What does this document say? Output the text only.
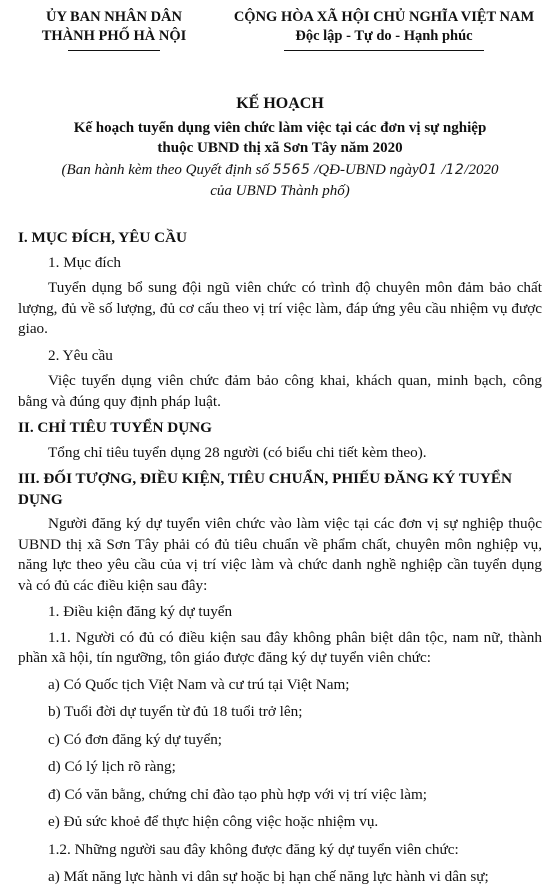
ỦY BAN NHÂN DÂN
THÀNH PHỐ HÀ NỘI
CỘNG HÒA XÃ HỘI CHỦ NGHĨA VIỆT NAM
Độc lập - Tự do - Hạnh phúc
KẾ HOẠCH
Kế hoạch tuyển dụng viên chức làm việc tại các đơn vị sự nghiệp
thuộc UBND thị xã Sơn Tây năm 2020
(Ban hành kèm theo Quyết định số 5565 /QĐ-UBND ngày01 /12/2020
của UBND Thành phố)
I. MỤC ĐÍCH, YÊU CẦU
1. Mục đích
Tuyển dụng bổ sung đội ngũ viên chức có trình độ chuyên môn đảm bảo chất lượng, đủ về số lượng, đủ cơ cấu theo vị trí việc làm, đáp ứng yêu cầu nhiệm vụ được giao.
2. Yêu cầu
Việc tuyển dụng viên chức đảm bảo công khai, khách quan, minh bạch, công bằng và đúng quy định pháp luật.
II. CHỈ TIÊU TUYỂN DỤNG
Tổng chỉ tiêu tuyển dụng 28 người (có biểu chi tiết kèm theo).
III. ĐỐI TƯỢNG, ĐIỀU KIỆN, TIÊU CHUẨN, PHIẾU ĐĂNG KÝ TUYỂN DỤNG
Người đăng ký dự tuyển viên chức vào làm việc tại các đơn vị sự nghiệp thuộc UBND thị xã Sơn Tây phải có đủ tiêu chuẩn về phẩm chất, chuyên môn nghiệp vụ, năng lực theo yêu cầu của vị trí việc làm và chức danh nghề nghiệp cần tuyển dụng và có đủ các điều kiện sau đây:
1. Điều kiện đăng ký dự tuyển
1.1. Người có đủ có điều kiện sau đây không phân biệt dân tộc, nam nữ, thành phần xã hội, tín ngưỡng, tôn giáo được đăng ký dự tuyển viên chức:
a) Có Quốc tịch Việt Nam và cư trú tại Việt Nam;
b) Tuổi đời dự tuyển từ đủ 18 tuổi trở lên;
c) Có đơn đăng ký dự tuyển;
d) Có lý lịch rõ ràng;
đ) Có văn bằng, chứng chỉ đào tạo phù hợp với vị trí việc làm;
e) Đủ sức khoẻ để thực hiện công việc hoặc nhiệm vụ.
1.2. Những người sau đây không được đăng ký dự tuyển viên chức:
a) Mất năng lực hành vi dân sự hoặc bị hạn chế năng lực hành vi dân sự;
